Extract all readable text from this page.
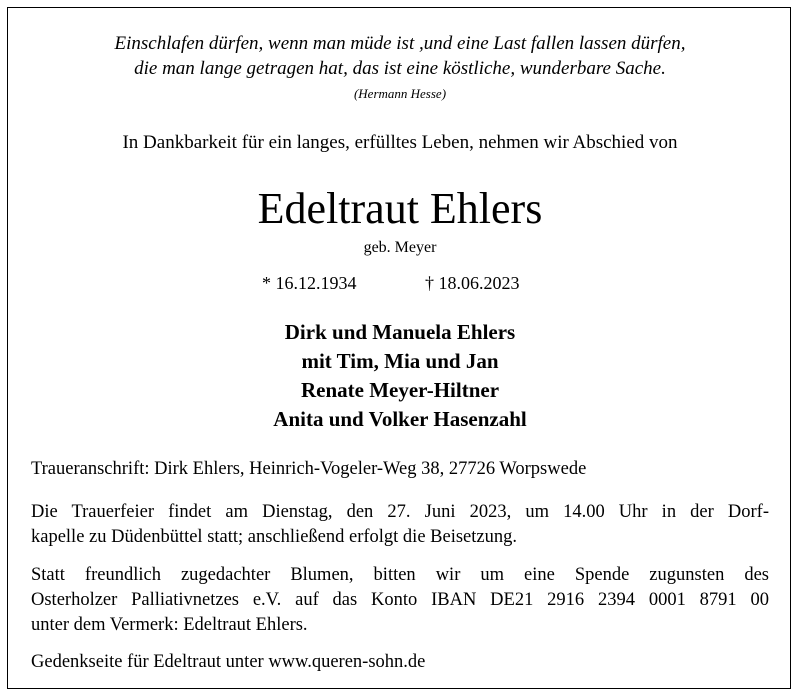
Einschlafen dürfen, wenn man müde ist ,und eine Last fallen lassen dürfen,
die man lange getragen hat, das ist eine köstliche, wunderbare Sache.
(Hermann Hesse)
In Dankbarkeit für ein langes, erfülltes Leben, nehmen wir Abschied von
Edeltraut Ehlers
geb. Meyer
* 16.12.1934	† 18.06.2023
Dirk und Manuela Ehlers
mit Tim, Mia und Jan
Renate Meyer-Hiltner
Anita und Volker Hasenzahl
Traueranschrift: Dirk Ehlers, Heinrich-Vogeler-Weg 38, 27726 Worpswede
Die Trauerfeier findet am Dienstag, den 27. Juni 2023, um 14.00 Uhr in der Dorf-
kapelle zu Düdenbüttel statt; anschließend erfolgt die Beisetzung.
Statt freundlich zugedachter Blumen, bitten wir um eine Spende zugunsten des
Osterholzer Palliativnetzes e.V. auf das Konto IBAN DE21 2916 2394 0001 8791 00
unter dem Vermerk: Edeltraut Ehlers.
Gedenkseite für Edeltraut unter www.queren-sohn.de
